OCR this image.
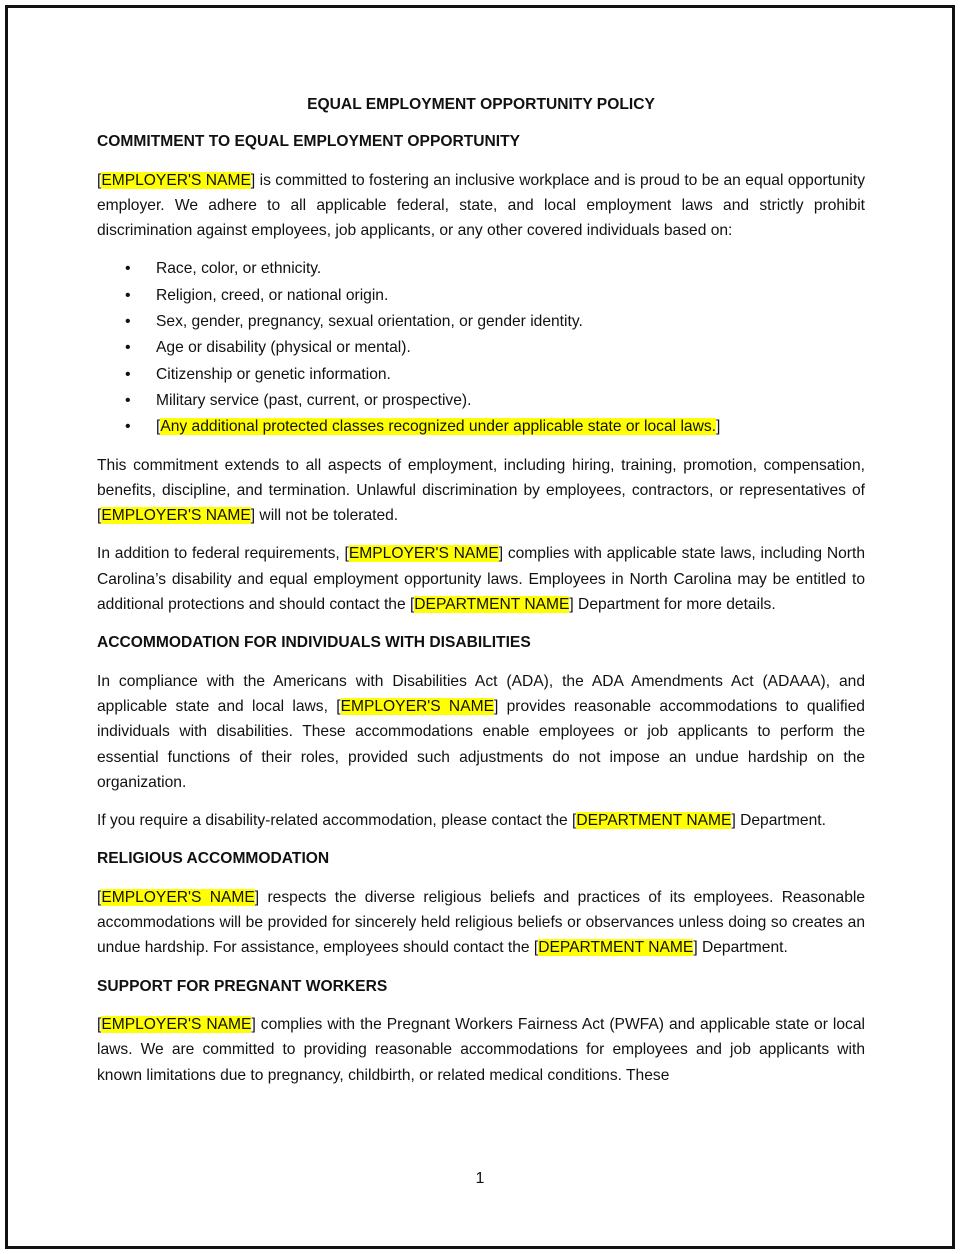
EQUAL EMPLOYMENT OPPORTUNITY POLICY
COMMITMENT TO EQUAL EMPLOYMENT OPPORTUNITY

[EMPLOYER'S NAME] is committed to fostering an inclusive workplace and is proud to be an equal opportunity employer. We adhere to all applicable federal, state, and local employment laws and strictly prohibit discrimination against employees, job applicants, or any other covered individuals based on:

• Race, color, or ethnicity.
• Religion, creed, or national origin.
• Sex, gender, pregnancy, sexual orientation, or gender identity.
• Age or disability (physical or mental).
• Citizenship or genetic information.
• Military service (past, current, or prospective).
• [Any additional protected classes recognized under applicable state or local laws.]

This commitment extends to all aspects of employment, including hiring, training, promotion, compensation, benefits, discipline, and termination. Unlawful discrimination by employees, contractors, or representatives of [EMPLOYER'S NAME] will not be tolerated.

In addition to federal requirements, [EMPLOYER'S NAME] complies with applicable state laws, including North Carolina’s disability and equal employment opportunity laws. Employees in North Carolina may be entitled to additional protections and should contact the [DEPARTMENT NAME] Department for more details.

ACCOMMODATION FOR INDIVIDUALS WITH DISABILITIES

In compliance with the Americans with Disabilities Act (ADA), the ADA Amendments Act (ADAAA), and applicable state and local laws, [EMPLOYER'S NAME] provides reasonable accommodations to qualified individuals with disabilities. These accommodations enable employees or job applicants to perform the essential functions of their roles, provided such adjustments do not impose an undue hardship on the organization.

If you require a disability-related accommodation, please contact the [DEPARTMENT NAME] Department.

RELIGIOUS ACCOMMODATION

[EMPLOYER'S NAME] respects the diverse religious beliefs and practices of its employees. Reasonable accommodations will be provided for sincerely held religious beliefs or observances unless doing so creates an undue hardship. For assistance, employees should contact the [DEPARTMENT NAME] Department.

SUPPORT FOR PREGNANT WORKERS

[EMPLOYER'S NAME] complies with the Pregnant Workers Fairness Act (PWFA) and applicable state or local laws. We are committed to providing reasonable accommodations for employees and job applicants with known limitations due to pregnancy, childbirth, or related medical conditions. These

1
